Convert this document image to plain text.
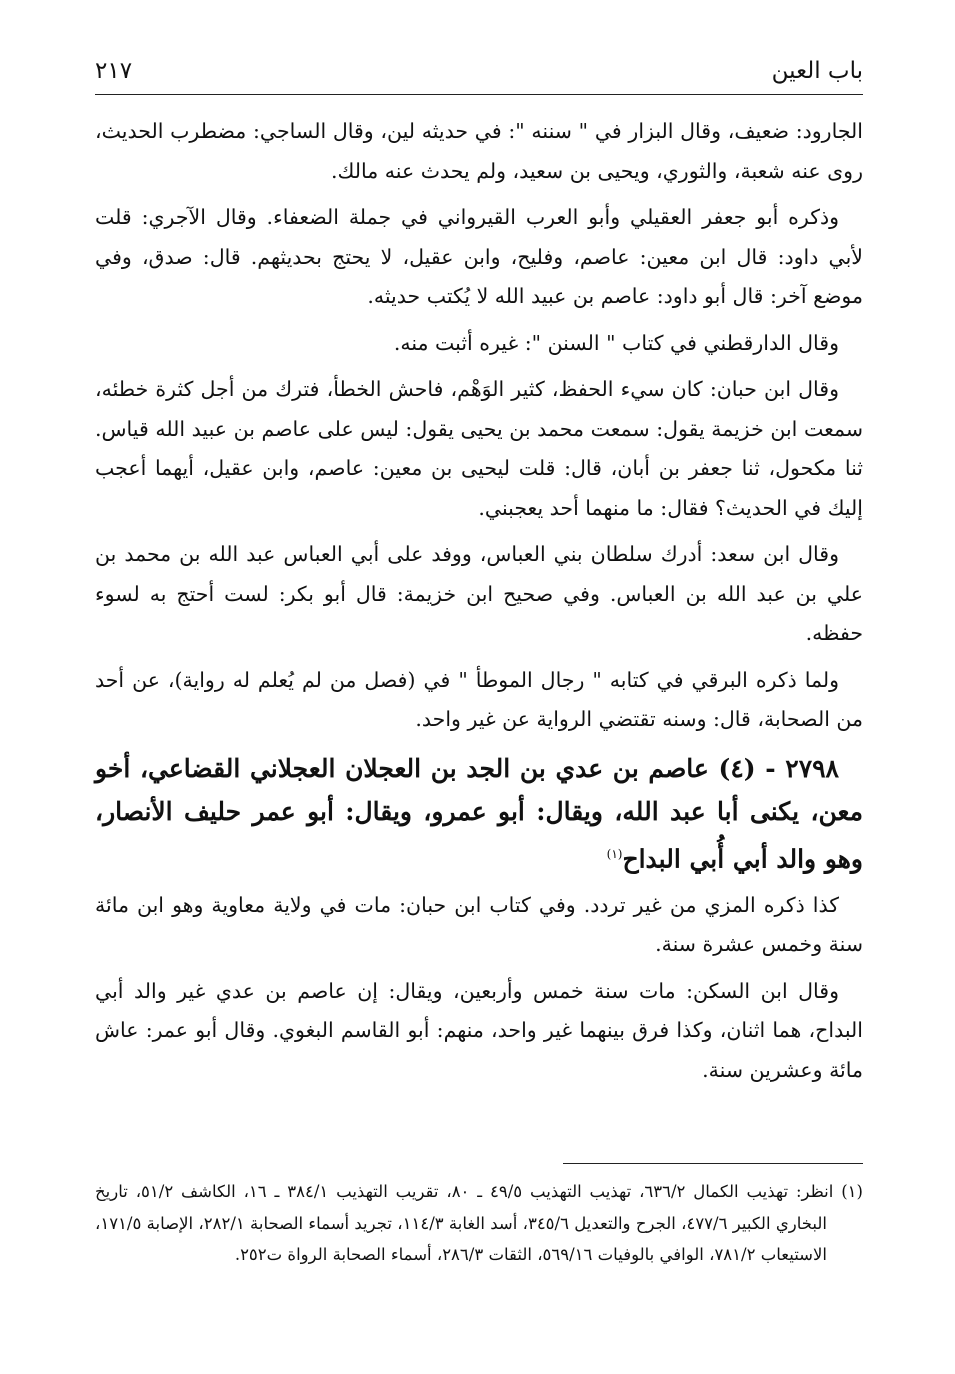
باب العين
٢١٧

الجارود: ضعيف، وقال البزار في " سننه ": في حديثه لين، وقال الساجي: مضطرب الحديث، روى عنه شعبة، والثوري، ويحيى بن سعيد، ولم يحدث عنه مالك.

وذكره أبو جعفر العقيلي وأبو العرب القيرواني في جملة الضعفاء. وقال الآجري: قلت لأبي داود: قال ابن معين: عاصم، وفليح، وابن عقيل، لا يحتج بحديثهم. قال: صدق، وفي موضع آخر: قال أبو داود: عاصم بن عبيد الله لا يُكتب حديثه.

وقال الدارقطني في كتاب " السنن ": غيره أثبت منه.

وقال ابن حبان: كان سيء الحفظ، كثير الوَهْم، فاحش الخطأ، فترك من أجل كثرة خطئه، سمعت ابن خزيمة يقول: سمعت محمد بن يحيى يقول: ليس على عاصم بن عبيد الله قياس. ثنا مكحول، ثنا جعفر بن أبان، قال: قلت ليحيى بن معين: عاصم، وابن عقيل، أيهما أعجب إليك في الحديث؟ فقال: ما منهما أحد يعجبني.

وقال ابن سعد: أدرك سلطان بني العباس، ووفد على أبي العباس عبد الله بن محمد بن علي بن عبد الله بن العباس. وفي صحيح ابن خزيمة: قال أبو بكر: لست أحتج به لسوء حفظه.

ولما ذكره البرقي في كتابه " رجال الموطأ " في (فصل من لم يُعلم له رواية)، عن أحد من الصحابة، قال: وسنه تقتضي الرواية عن غير واحد.

٢٧٩٨ - (٤) عاصم بن عدي بن الجد بن العجلان العجلاني القضاعي، أخو معن، يكنى أبا عبد الله، ويقال: أبو عمرو، ويقال: أبو عمر حليف الأنصار، وهو والد أبي أُبي البداح$^{(١)}$

كذا ذكره المزي من غير تردد. وفي كتاب ابن حبان: مات في ولاية معاوية وهو ابن مائة سنة وخمس عشرة سنة.

وقال ابن السكن: مات سنة خمس وأربعين، ويقال: إن عاصم بن عدي غير والد أبي البداح، هما اثنان، وكذا فرق بينهما غير واحد، منهم: أبو القاسم البغوي. وقال أبو عمر: عاش مائة وعشرين سنة.

(١) انظر: تهذيب الكمال ٦٣٦/٢، تهذيب التهذيب ٤٩/٥ ـ ٨٠، تقريب التهذيب ٣٨٤/١ ـ ١٦، الكاشف ٥١/٢، تاريخ البخاري الكبير ٤٧٧/٦، الجرح والتعديل ٣٤٥/٦، أسد الغابة ١١٤/٣، تجريد أسماء الصحابة ٢٨٢/١، الإصابة ١٧١/٥، الاستيعاب ٧٨١/٢، الوافي بالوفيات ٥٦٩/١٦، الثقات ٢٨٦/٣، أسماء الصحابة الرواة ت٢٥٢.
